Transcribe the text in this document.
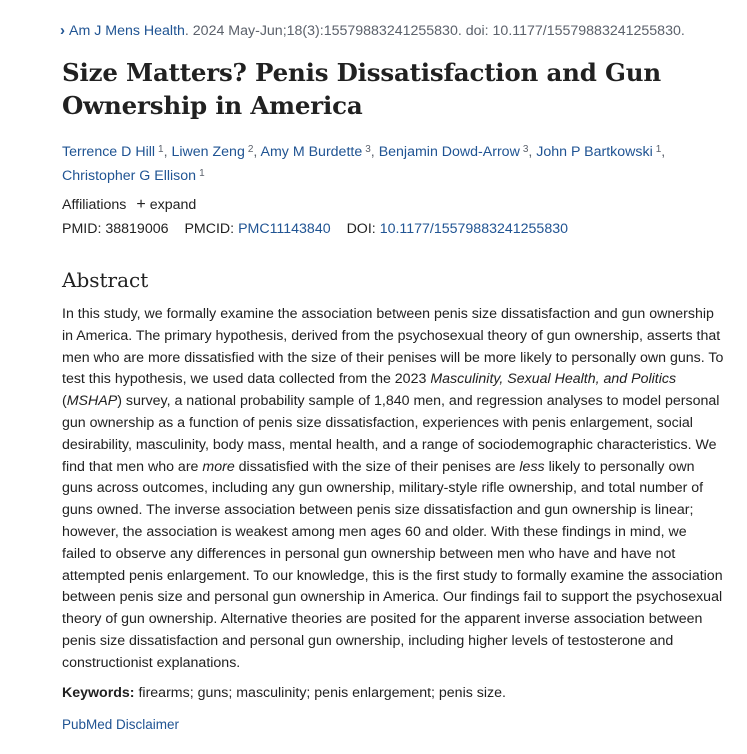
› Am J Mens Health. 2024 May-Jun;18(3):15579883241255830. doi: 10.1177/15579883241255830.
Size Matters? Penis Dissatisfaction and Gun Ownership in America
Terrence D Hill $^1$, Liwen Zeng $^2$, Amy M Burdette $^3$, Benjamin Dowd-Arrow $^3$, John P Bartkowski $^1$,
Christopher G Ellison $^1$
Affiliations + expand
PMID: 38819006 PMCID: PMC11143840 DOI: 10.1177/15579883241255830
Abstract

In this study, we formally examine the association between penis size dissatisfaction and gun ownership in America. The primary hypothesis, derived from the psychosexual theory of gun ownership, asserts that men who are more dissatisfied with the size of their penises will be more likely to personally own guns. To test this hypothesis, we used data collected from the 2023 Masculinity, Sexual Health, and Politics (MSHAP) survey, a national probability sample of 1,840 men, and regression analyses to model personal gun ownership as a function of penis size dissatisfaction, experiences with penis enlargement, social desirability, masculinity, body mass, mental health, and a range of sociodemographic characteristics. We find that men who are more dissatisfied with the size of their penises are less likely to personally own guns across outcomes, including any gun ownership, military-style rifle ownership, and total number of guns owned. The inverse association between penis size dissatisfaction and gun ownership is linear; however, the association is weakest among men ages 60 and older. With these findings in mind, we failed to observe any differences in personal gun ownership between men who have and have not attempted penis enlargement. To our knowledge, this is the first study to formally examine the association between penis size and personal gun ownership in America. Our findings fail to support the psychosexual theory of gun ownership. Alternative theories are posited for the apparent inverse association between penis size dissatisfaction and personal gun ownership, including higher levels of testosterone and constructionist explanations.

Keywords: firearms; guns; masculinity; penis enlargement; penis size.
PubMed Disclaimer
